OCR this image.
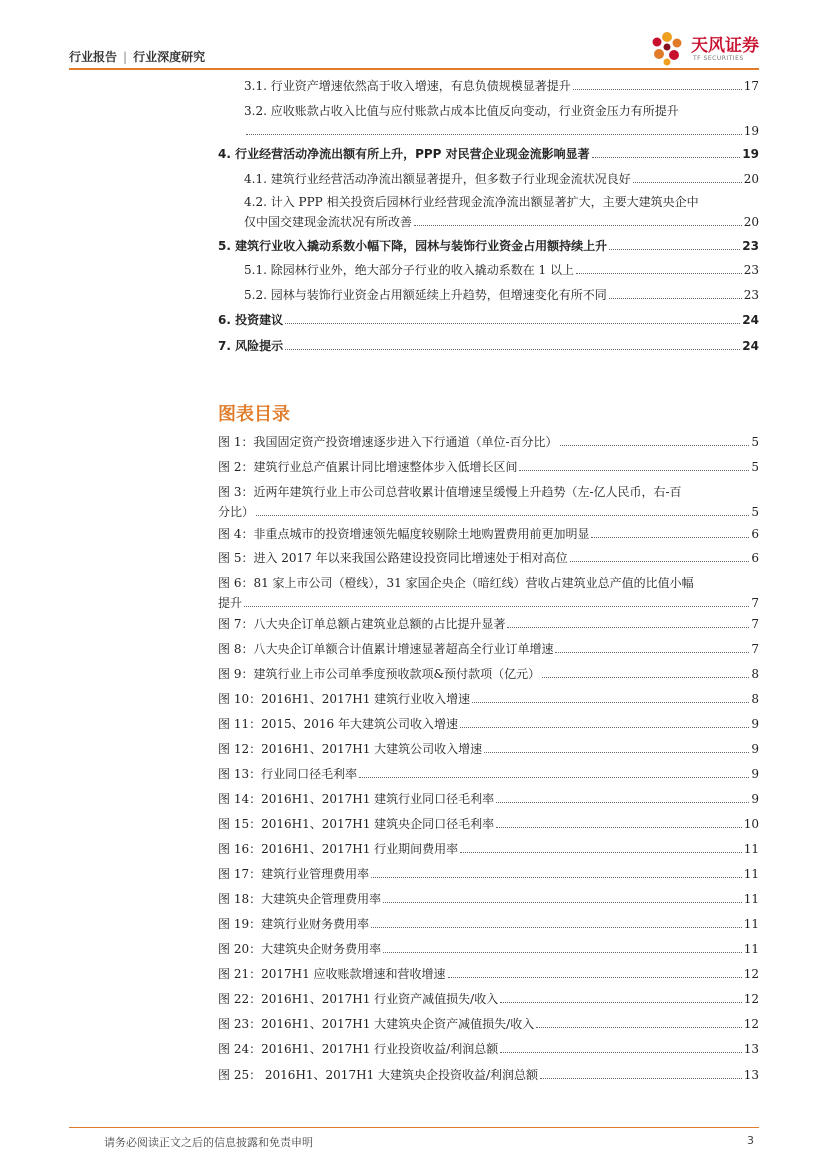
行业报告 | 行业深度研究
天风证券
TF SECURITIES
3.1. 行业资产增速依然高于收入增速，有息负债规模显著提升	17
3.2. 应收账款占收入比值与应付账款占成本比值反向变动，行业资金压力有所提升
19
4. 行业经营活动净流出额有所上升，PPP 对民营企业现金流影响显著	19
4.1. 建筑行业经营活动净流出额显著提升，但多数子行业现金流状况良好	20
4.2. 计入 PPP 相关投资后园林行业经营现金流净流出额显著扩大，主要大建筑央企中
仅中国交建现金流状况有所改善	20
5. 建筑行业收入撬动系数小幅下降，园林与装饰行业资金占用额持续上升	23
5.1. 除园林行业外，绝大部分子行业的收入撬动系数在 1 以上	23
5.2. 园林与装饰行业资金占用额延续上升趋势，但增速变化有所不同	23
6. 投资建议	24
7. 风险提示	24
图表目录
图 1：我国固定资产投资增速逐步进入下行通道（单位-百分比）	5
图 2：建筑行业总产值累计同比增速整体步入低增长区间	5
图 3：近两年建筑行业上市公司总营收累计值增速呈缓慢上升趋势（左-亿人民币，右-百
分比）	5
图 4：非重点城市的投资增速领先幅度较剔除土地购置费用前更加明显	6
图 5：进入 2017 年以来我国公路建设投资同比增速处于相对高位	6
图 6：81 家上市公司（橙线），31 家国企央企（暗红线）营收占建筑业总产值的比值小幅
提升	7
图 7：八大央企订单总额占建筑业总额的占比提升显著	7
图 8：八大央企订单额合计值累计增速显著超高全行业订单增速	7
图 9：建筑行业上市公司单季度预收款项&预付款项（亿元）	8
图 10：2016H1、2017H1 建筑行业收入增速	8
图 11：2015、2016 年大建筑公司收入增速	9
图 12：2016H1、2017H1 大建筑公司收入增速	9
图 13：行业同口径毛利率	9
图 14：2016H1、2017H1 建筑行业同口径毛利率	9
图 15：2016H1、2017H1 建筑央企同口径毛利率	10
图 16：2016H1、2017H1 行业期间费用率	11
图 17：建筑行业管理费用率	11
图 18：大建筑央企管理费用率	11
图 19：建筑行业财务费用率	11
图 20：大建筑央企财务费用率	11
图 21：2017H1 应收账款增速和营收增速	12
图 22：2016H1、2017H1 行业资产减值损失/收入	12
图 23：2016H1、2017H1 大建筑央企资产减值损失/收入	12
图 24：2016H1、2017H1 行业投资收益/利润总额	13
图 25： 2016H1、2017H1 大建筑央企投资收益/利润总额	13
请务必阅读正文之后的信息披露和免责申明	3
